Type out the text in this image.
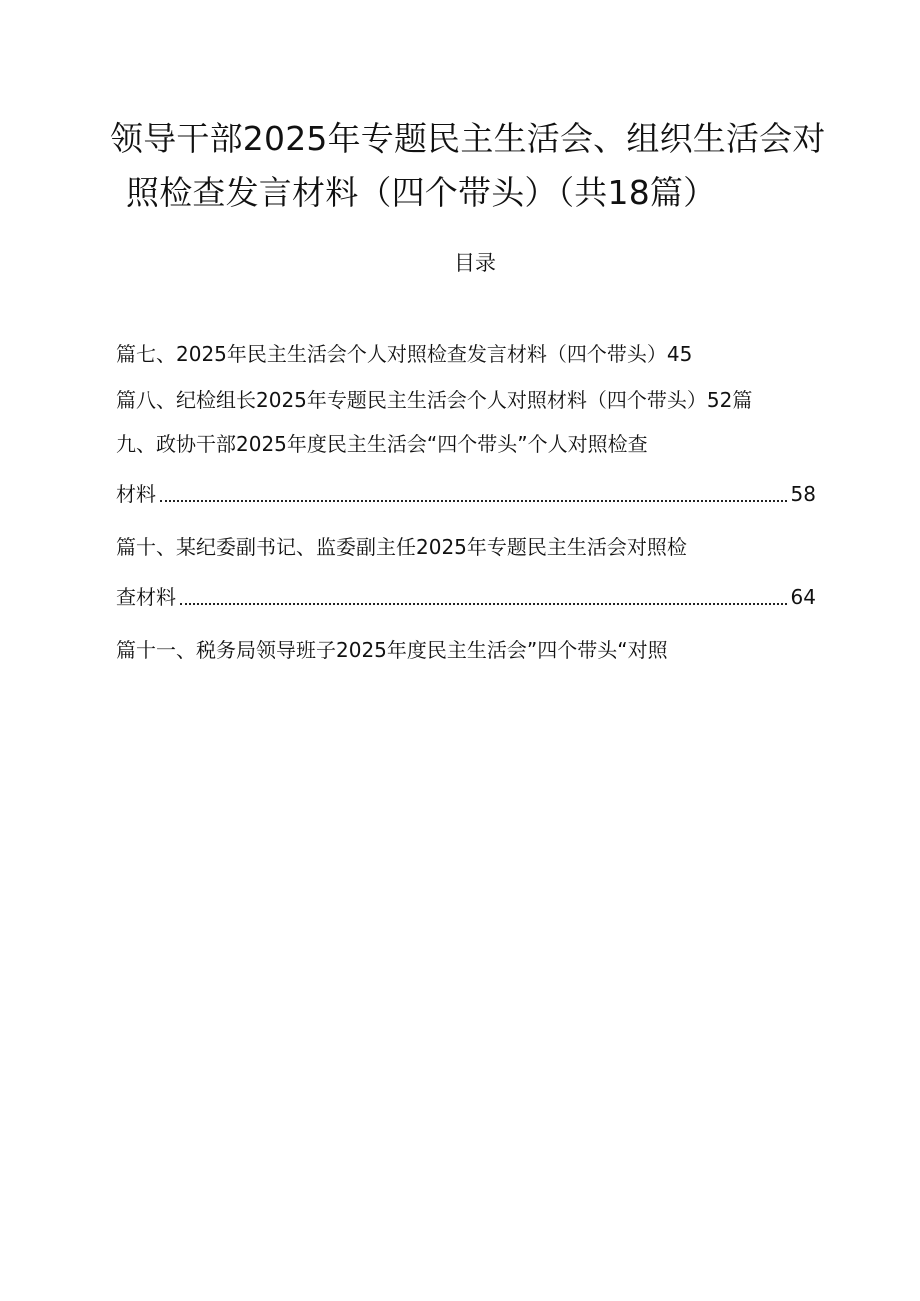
领导干部2025年专题民主生活会、组织生活会对
照检查发言材料（四个带头）（共18篇）
目录
篇七、2025年民主生活会个人对照检查发言材料（四个带头）45
篇八、纪检组长2025年专题民主生活会个人对照材料（四个带头）52篇
九、政协干部2025年度民主生活会“四个带头”个人对照检查
材料	58
篇十、某纪委副书记、监委副主任2025年专题民主生活会对照检
查材料	64
篇十一、税务局领导班子2025年度民主生活会”四个带头“对照
